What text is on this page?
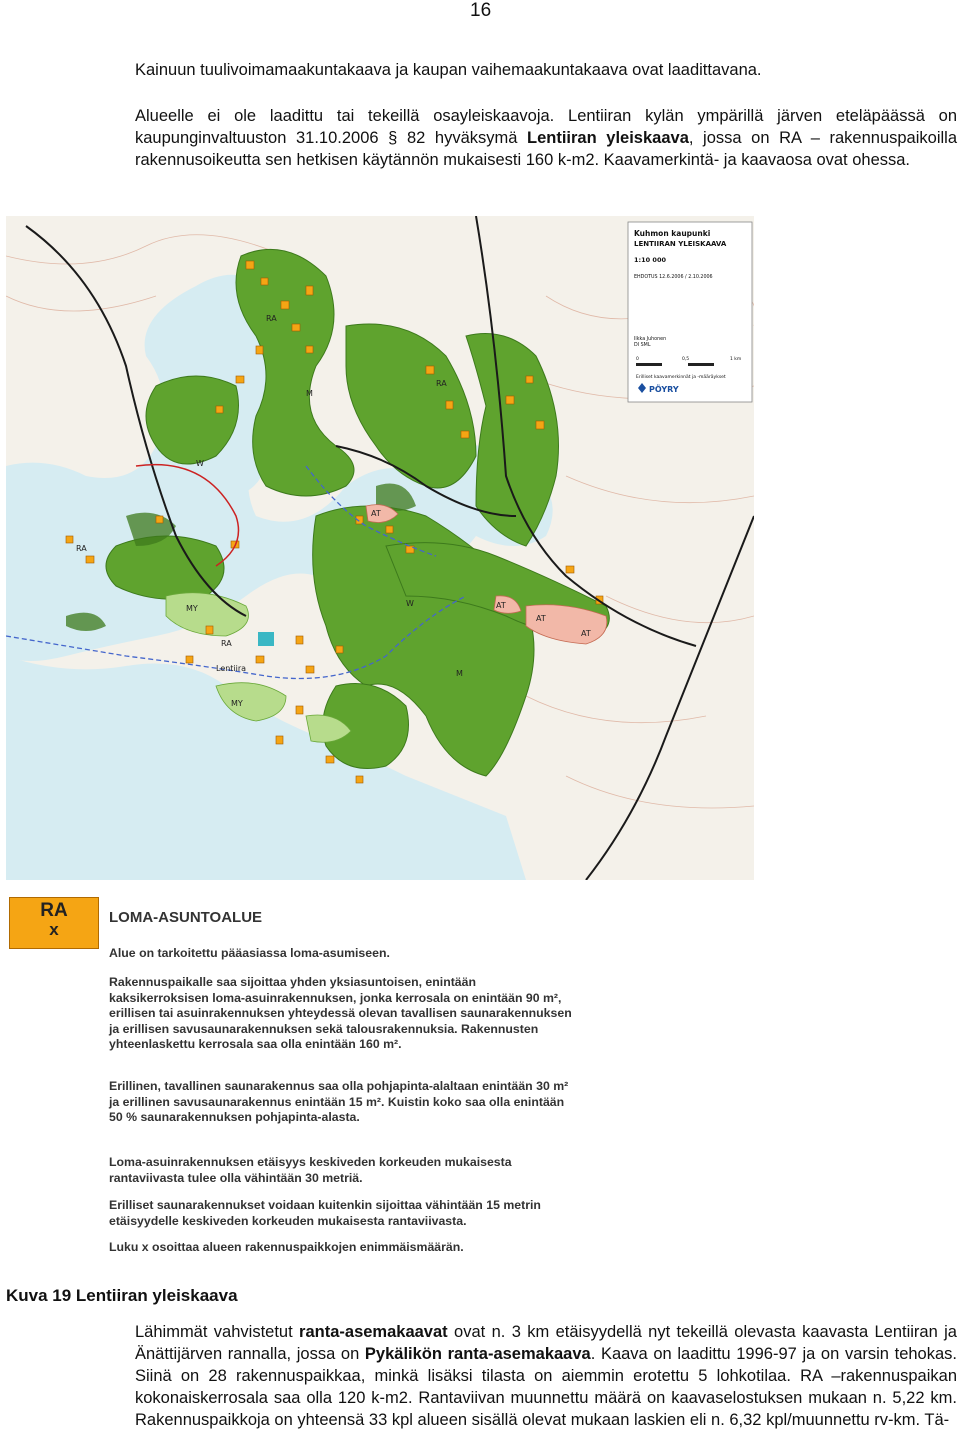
16

Kainuun tuulivoimamaakuntakaava ja kaupan vaihemaakuntakaava ovat laadittavana.

Alueelle ei ole laadittu tai tekeillä osayleiskaavoja. Lentiiran kylän ympärillä järven eteläpäässä on kaupunginvaltuuston 31.10.2006 § 82 hyväksymä Lentiiran yleiskaava, jossa on RA – rakennuspaikoilla rakennusoikeutta sen hetkisen käytännön mukaisesti 160 k-m2. Kaavamerkintä- ja kaavaosa ovat ohessa.

RA
RA
RA
M
M
MY
W
W
AT
AT
AT
AT
MY
RA
Lentiira
Kuhmon kaupunki
LENTIIRAN YLEISKAAVA
1:10 000
EHDOTUS 12.6.2006 / 2.10.2006
Ilkka Juhonen
DI SML
0	0,5	1 km
Erilliset kaavamerkinnät ja -määräykset
PÖYRY
RA
x
LOMA-ASUNTOALUE

Alue on tarkoitettu pääasiassa loma-asumiseen.

Rakennuspaikalle saa sijoittaa yhden yksiasuntoisen, enintään kaksikerroksisen loma-asuinrakennuksen, jonka kerrosala on enintään 90 m², erillisen tai asuinrakennuksen yhteydessä olevan tavallisen saunarakennuksen ja erillisen savusaunarakennuksen sekä talousrakennuksia. Rakennusten yhteenlaskettu kerrosala saa olla enintään 160 m².

Erillinen, tavallinen saunarakennus saa olla pohjapinta-alaltaan enintään 30 m² ja erillinen savusaunarakennus enintään 15 m². Kuistin koko saa olla enintään 50 % saunarakennuksen pohjapinta-alasta.

Loma-asuinrakennuksen etäisyys keskiveden korkeuden mukaisesta rantaviivasta tulee olla vähintään 30 metriä.

Erilliset saunarakennukset voidaan kuitenkin sijoittaa vähintään 15 metrin etäisyydelle keskiveden korkeuden mukaisesta rantaviivasta.

Luku x osoittaa alueen rakennuspaikkojen enimmäismäärän.

Kuva 19 Lentiiran yleiskaava

Lähimmät vahvistetut ranta-asemakaavat ovat n. 3 km etäisyydellä nyt tekeillä olevasta kaavasta Lentiiran ja Änättijärven rannalla, jossa on Pykälikön ranta-asemakaava. Kaava on laadittu 1996-97 ja on varsin tehokas. Siinä on 28 rakennuspaikkaa, minkä lisäksi tilasta on aiemmin erotettu 5 lohkotilaa. RA –rakennuspaikan kokonaiskerrosala saa olla 120 k-m2. Rantaviivan muunnettu määrä on kaavaselostuksen mukaan n. 5,22 km. Rakennuspaikkoja on yhteensä 33 kpl alueen sisällä olevat mukaan laskien eli n. 6,32 kpl/muunnettu rv-km. Tä-
